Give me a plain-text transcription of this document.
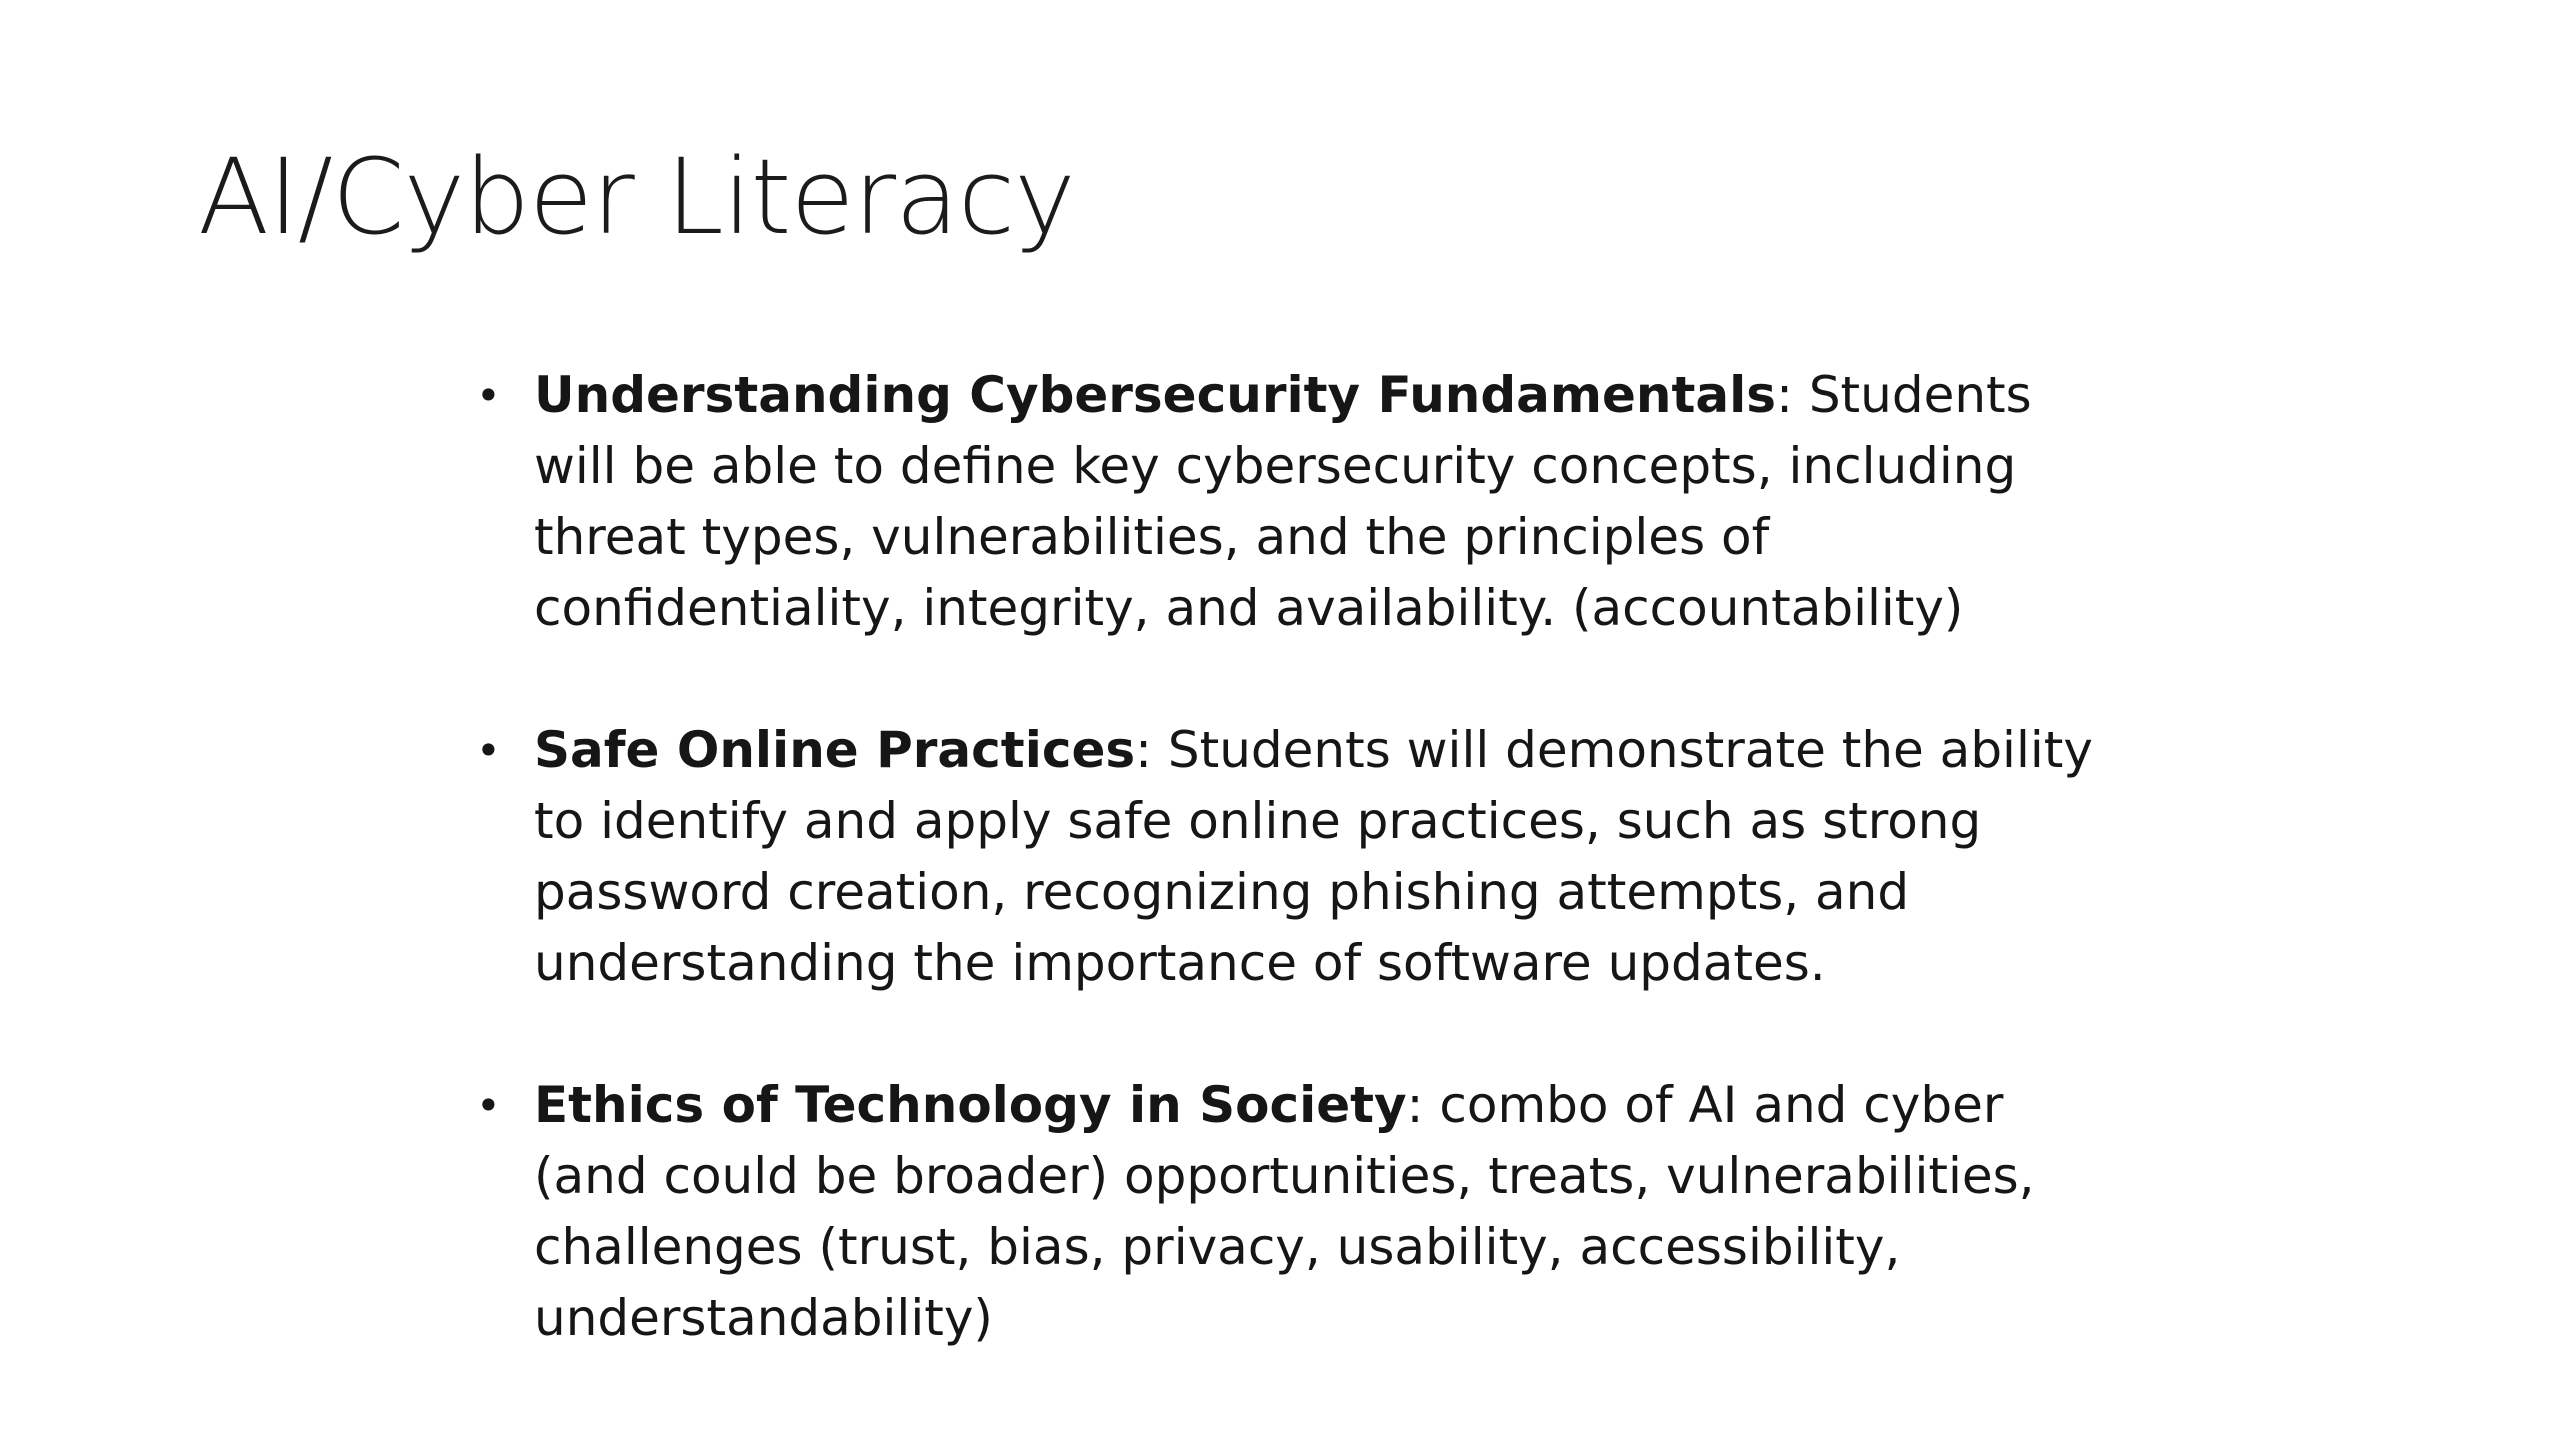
AI/Cyber Literacy
• Understanding Cybersecurity Fundamentals: Students will be able to define key cybersecurity concepts, including threat types, vulnerabilities, and the principles of confidentiality, integrity, and availability. (accountability)
• Safe Online Practices: Students will demonstrate the ability to identify and apply safe online practices, such as strong password creation, recognizing phishing attempts, and understanding the importance of software updates.
• Ethics of Technology in Society: combo of AI and cyber (and could be broader) opportunities, treats, vulnerabilities, challenges (trust, bias, privacy, usability, accessibility, understandability)
